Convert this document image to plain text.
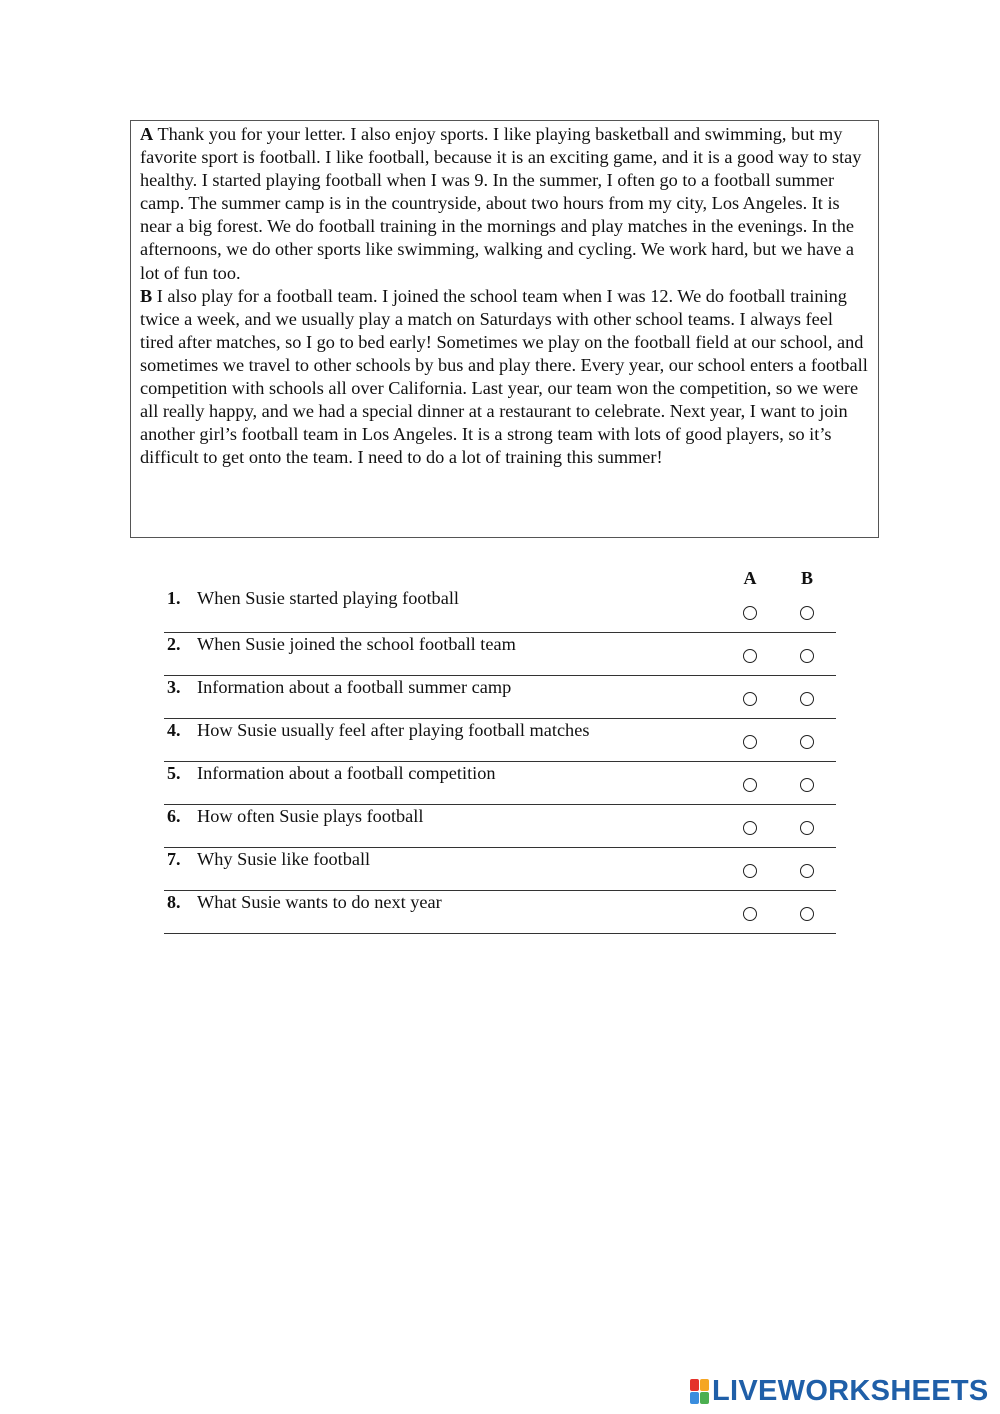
A Thank you for your letter. I also enjoy sports. I like playing basketball and swimming, but my favorite sport is football. I like football, because it is an exciting game, and it is a good way to stay healthy. I started playing football when I was 9. In the summer, I often go to a football summer camp. The summer camp is in the countryside, about two hours from my city, Los Angeles. It is near a big forest. We do football training in the mornings and play matches in the evenings. In the afternoons, we do other sports like swimming, walking and cycling. We work hard, but we have a lot of fun too.

B I also play for a football team. I joined the school team when I was 12. We do football training twice a week, and we usually play a match on Saturdays with other school teams. I always feel tired after matches, so I go to bed early! Sometimes we play on the football field at our school, and sometimes we travel to other schools by bus and play there. Every year, our school enters a football competition with schools all over California. Last year, our team won the competition, so we were all really happy, and we had a special dinner at a restaurant to celebrate. Next year, I want to join another girl’s football team in Los Angeles. It is a strong team with lots of good players, so it’s difficult to get onto the team. I need to do a lot of training this summer!

A	B
1. When Susie started playing football
2. When Susie joined the school football team
3. Information about a football summer camp
4. How Susie usually feel after playing football matches
5. Information about a football competition
6. How often Susie plays football
7. Why Susie like football
8. What Susie wants to do next year
LIVEWORKSHEETS
